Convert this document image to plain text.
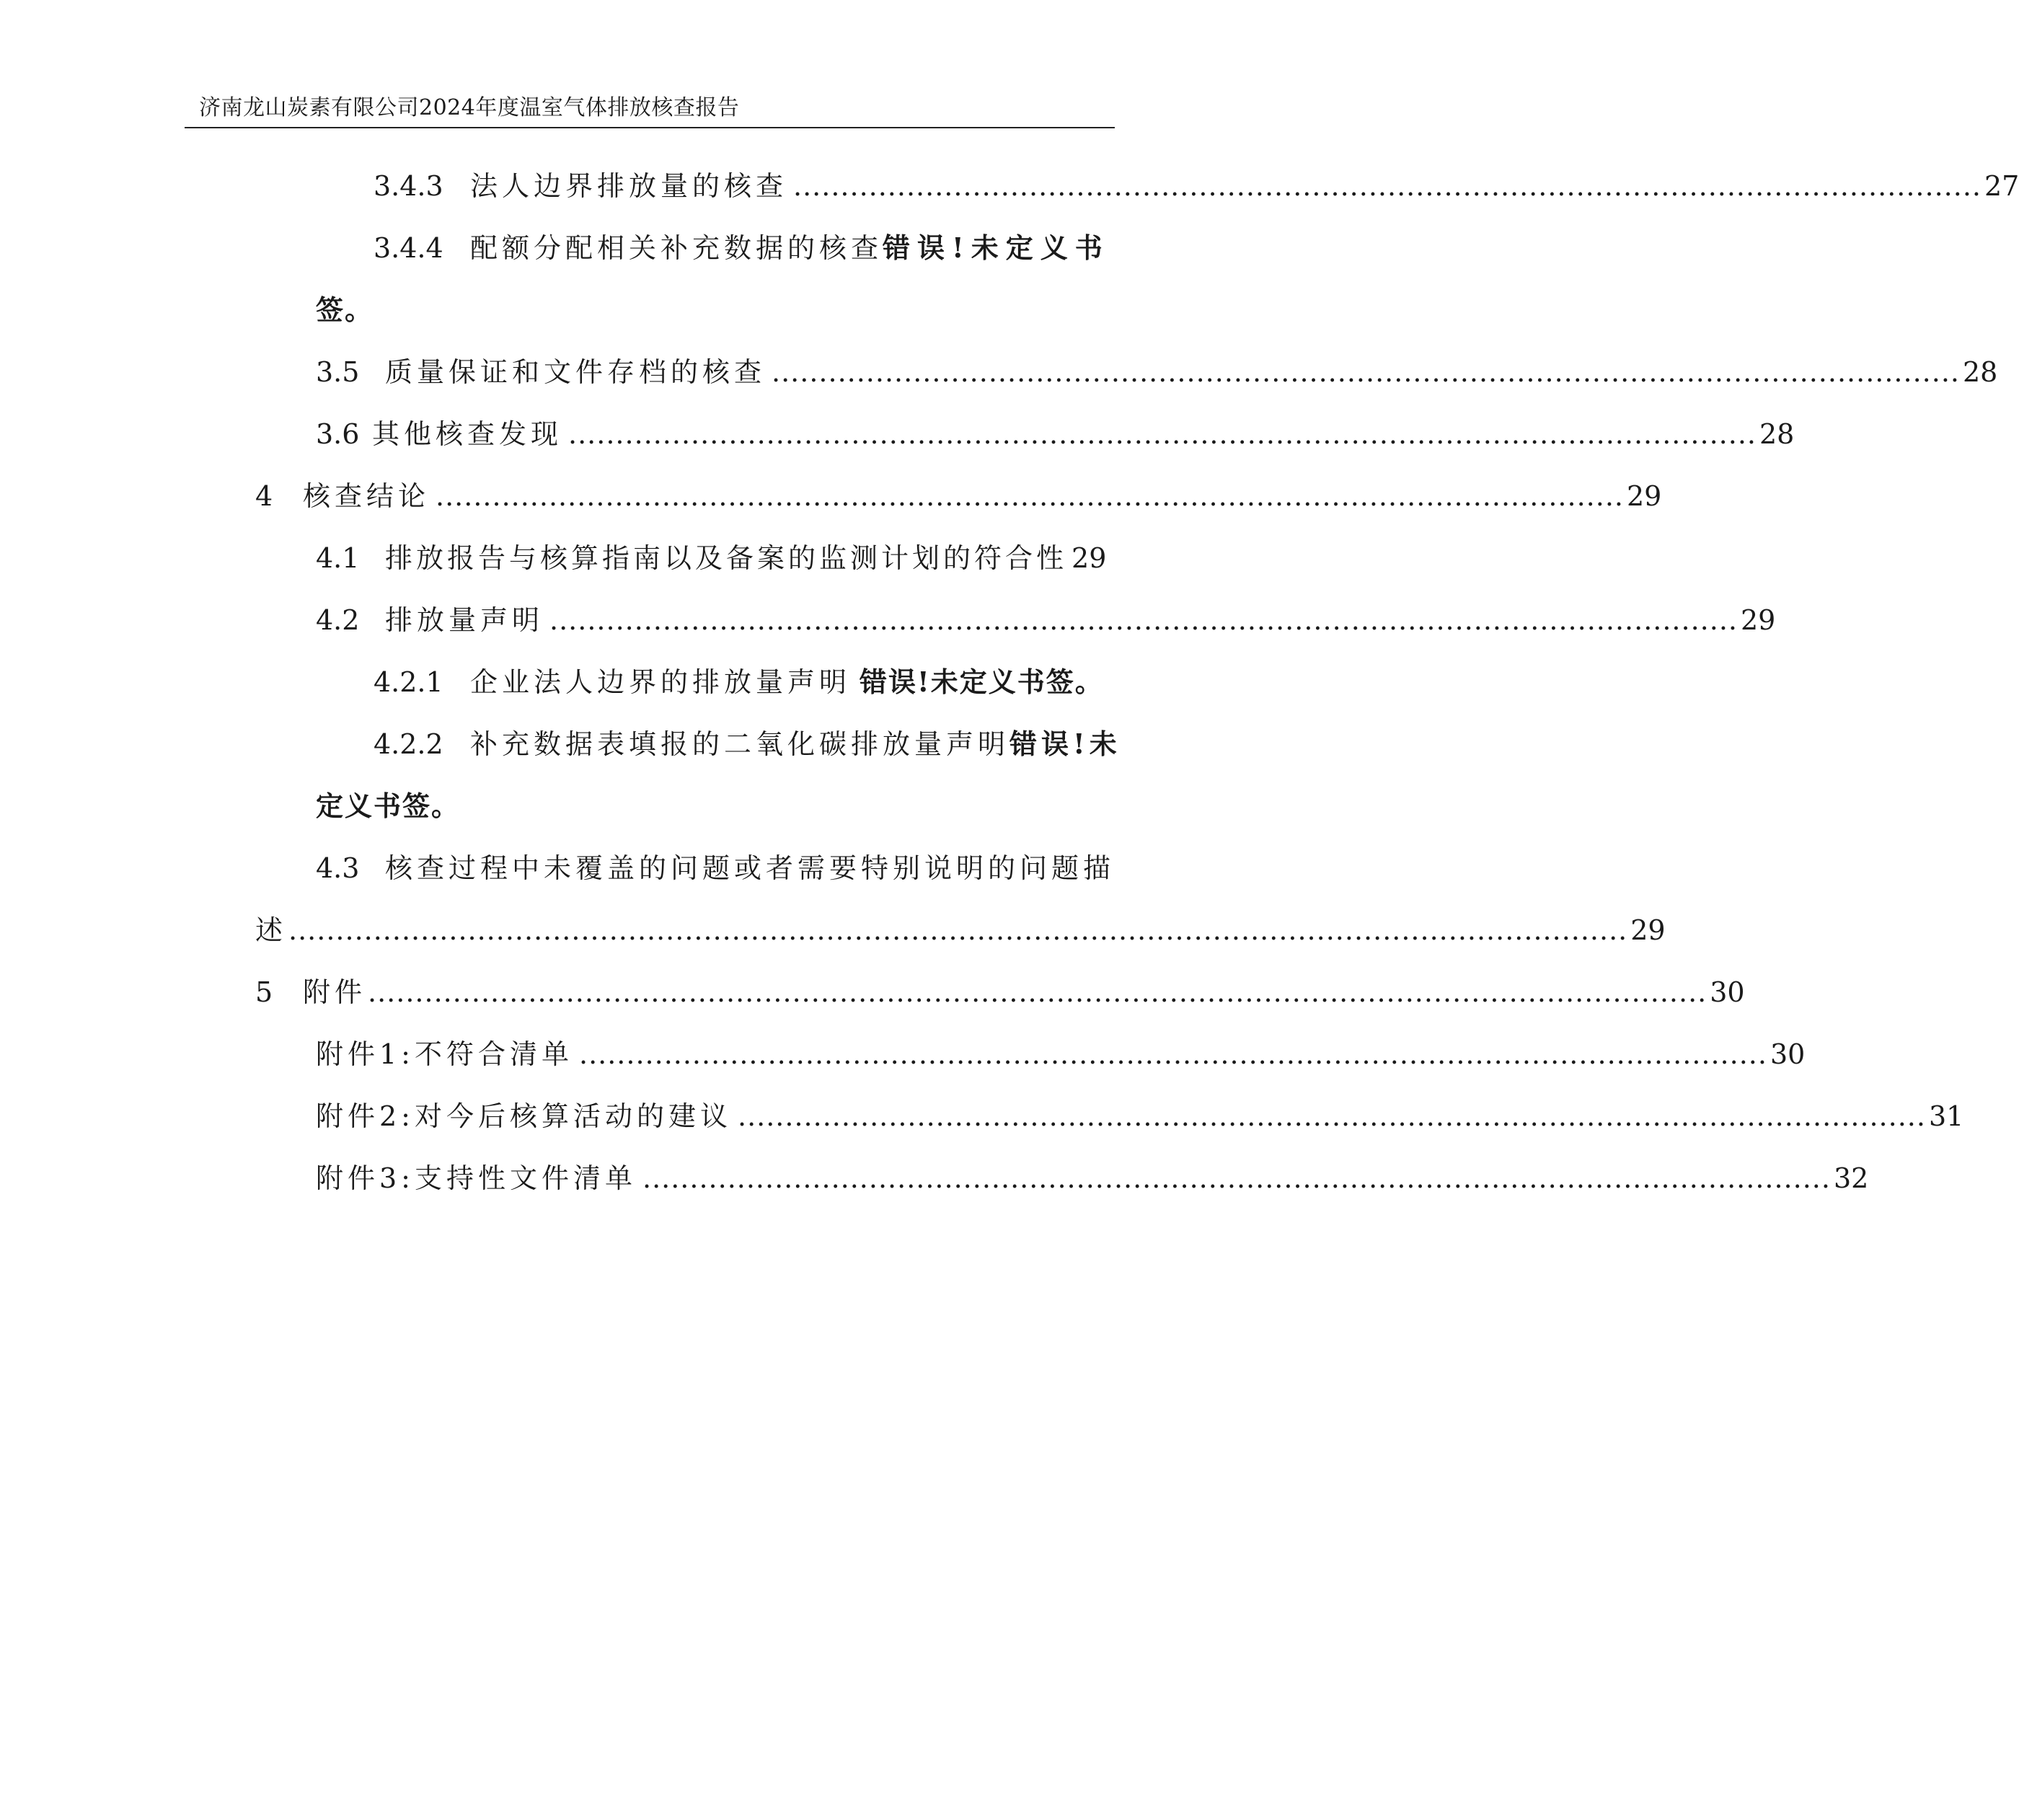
济南龙山炭素有限公司2024年度温室气体排放核查报告
3.4.3 法人边界排放量的核查 .............................................................................................................................. 27
3.4.4 配额分配相关补充数据的核查 错误!未定义书
签。
3.5 质量保证和文件存档的核查 .............................................................................................................................. 28
3.6 其他核查发现 .............................................................................................................................. 28
4	核查结论 .............................................................................................................................. 29
4.1 排放报告与核算指南以及备案的监测计划的符合性 29
4.2 排放量声明 .............................................................................................................................. 29
4.2.1 企业法人边界的排放量声明 错误!未定义书签。
4.2.2 补充数据表填报的二氧化碳排放量声明 错误!未
定义书签。
4.3 核查过程中未覆盖的问题或者需要特别说明的问题描
述 .............................................................................................................................................. 29
5	附件 .............................................................................................................................................. 30
附件1:不符合清单 .............................................................................................................................. 30
附件2:对今后核算活动的建议 .............................................................................................................................. 31
附件3:支持性文件清单 .............................................................................................................................. 32
